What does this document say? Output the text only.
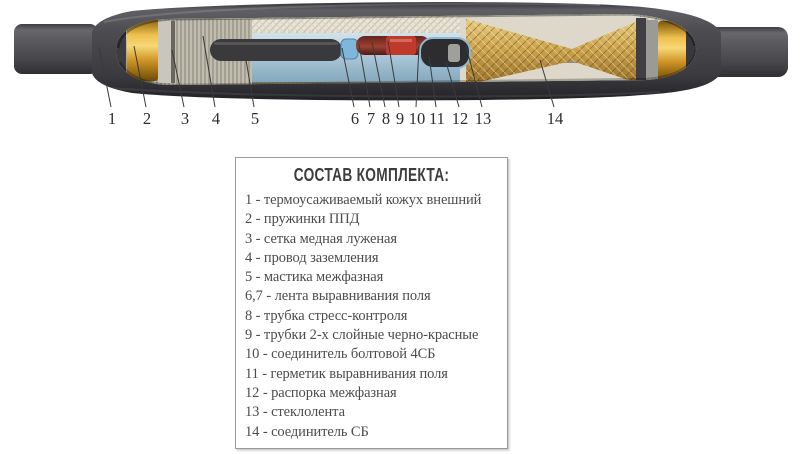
1 2 3 4 5	6 7 8 9 10 11 12 13	14
СОСТАВ КОМПЛЕКТА:
1 - термоусаживаемый кожух внешний
2 - пружинки ППД
3 - сетка медная луженая
4 - провод заземления
5 - мастика межфазная
6,7 - лента выравнивания поля
8 - трубка стресс-контроля
9 - трубки 2-х слойные черно-красные
10 - соединитель болтовой 4СБ
11 - герметик выравнивания поля
12 - распорка межфазная
13 - стеклолента
14 - соединитель СБ
